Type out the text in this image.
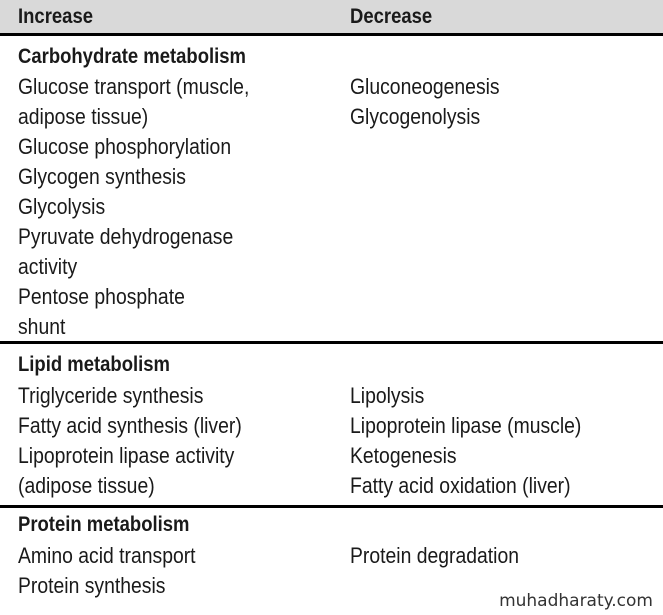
Increase	Decrease
Carbohydrate metabolism
Glucose transport (muscle,
adipose tissue)
Glucose phosphorylation
Glycogen synthesis
Glycolysis
Pyruvate dehydrogenase
activity
Pentose phosphate
shunt
Gluconeogenesis
Glycogenolysis
Lipid metabolism
Triglyceride synthesis
Fatty acid synthesis (liver)
Lipoprotein lipase activity
(adipose tissue)
Lipolysis
Lipoprotein lipase (muscle)
Ketogenesis
Fatty acid oxidation (liver)
Protein metabolism
Amino acid transport
Protein synthesis
Protein degradation
muhadharaty.com
